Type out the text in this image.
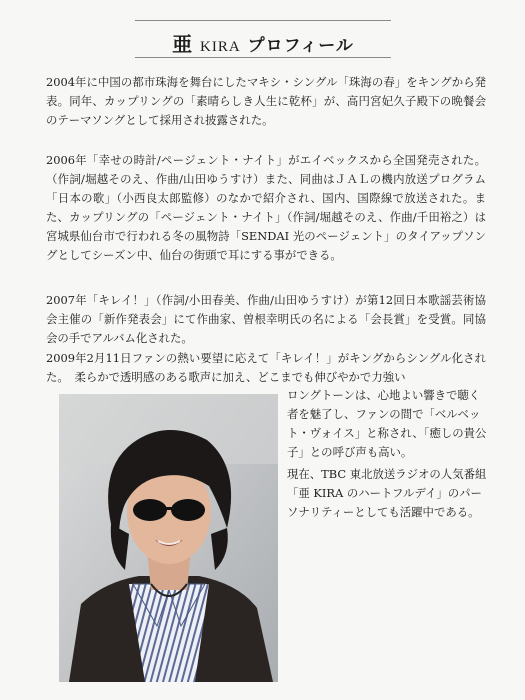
亜 KIRA プロフィール

2004年に中国の都市珠海を舞台にしたマキシ・シングル「珠海の春」をキングから発表。同年、カップリングの「素晴らしき人生に乾杯」が、高円宮妃久子殿下の晩餐会のテーマソングとして採用され披露された。

2006年「幸せの時計/ページェント・ナイト」がエイベックスから全国発売された。（作詞/堀越そのえ、作曲/山田ゆうすけ）また、同曲はＪＡＬの機内放送プログラム「日本の歌」（小西良太郎監修）のなかで紹介され、国内、国際線で放送された。また、カップリングの「ページェント・ナイト」（作詞/堀越そのえ、作曲/千田裕之）は宮城県仙台市で行われる冬の風物詩「SENDAI 光のページェント」のタイアップソングとしてシーズン中、仙台の街頭で耳にする事ができる。

2007年「キレイ！」（作詞/小田春美、作曲/山田ゆうすけ）が第12回日本歌謡芸術協会主催の「新作発表会」にて作曲家、曽根幸明氏の名による「会長賞」を受賞。同協会の手でアルバム化された。

2009年2月11日ファンの熱い要望に応えて「キレイ！」がキングからシングル化された。　柔らかで透明感のある歌声に加え、どこまでも伸びやかで力強い

ロングトーンは、心地よい響きで聴く者を魅了し、ファンの間で「ベルベット・ヴォイス」と称され、「癒しの貴公子」との呼び声も高い。

現在、TBC 東北放送ラジオの人気番組「亜 KIRA のハートフルデイ」のパーソナリティーとしても活躍中である。
